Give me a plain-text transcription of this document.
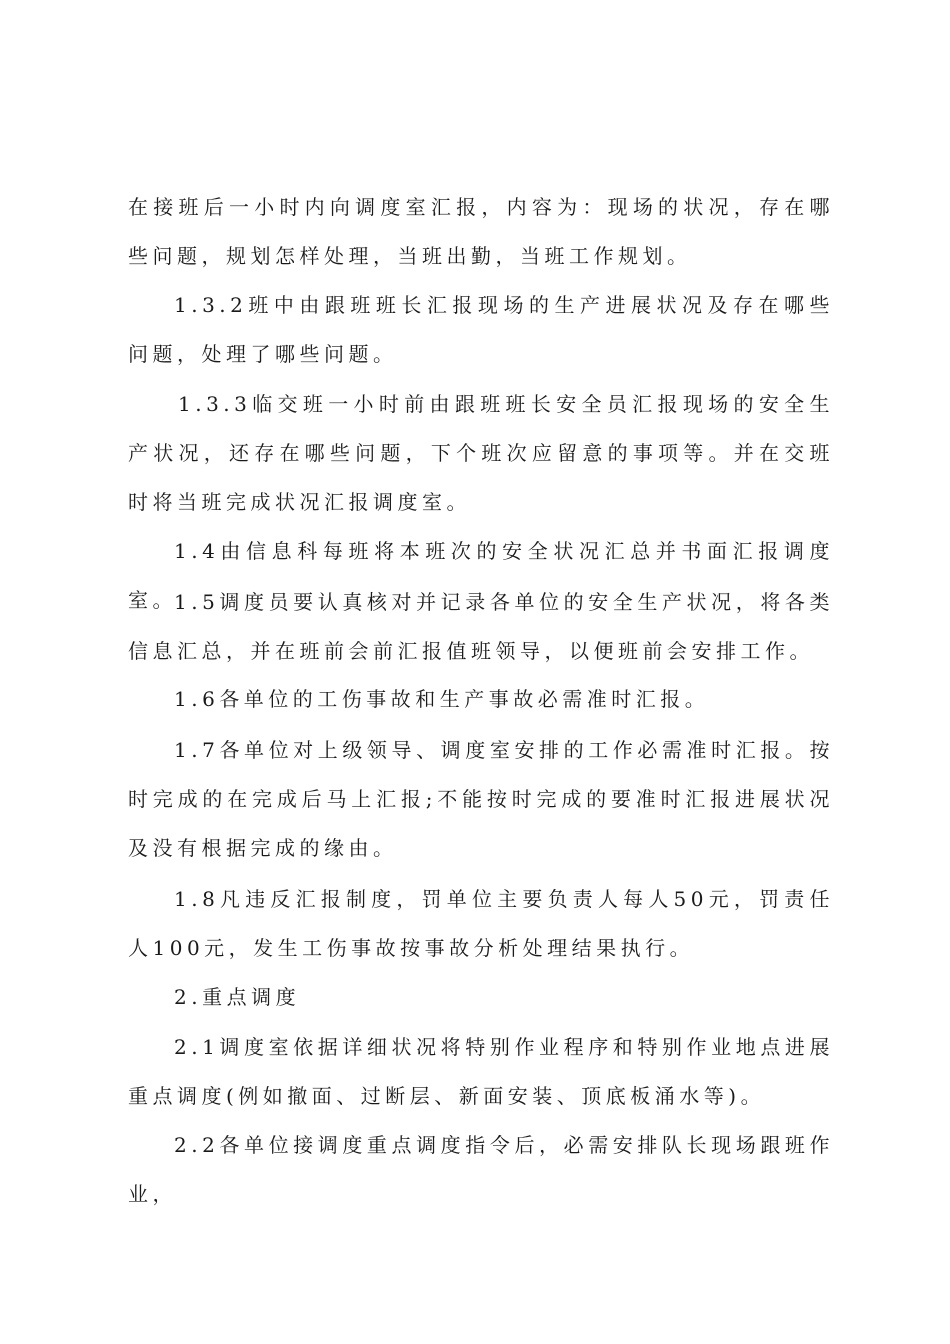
在接班后一小时内向调度室汇报，内容为：现场的状况，存在哪些问题，规划怎样处理，当班出勤，当班工作规划。
1.3.2班中由跟班班长汇报现场的生产进展状况及存在哪些问题，处理了哪些问题。
1.3.3临交班一小时前由跟班班长安全员汇报现场的安全生产状况，还存在哪些问题，下个班次应留意的事项等。并在交班时将当班完成状况汇报调度室。
1.4由信息科每班将本班次的安全状况汇总并书面汇报调度室。
1.5调度员要认真核对并记录各单位的安全生产状况，将各类信息汇总，并在班前会前汇报值班领导，以便班前会安排工作。
1.6各单位的工伤事故和生产事故必需准时汇报。
1.7各单位对上级领导、调度室安排的工作必需准时汇报。按时完成的在完成后马上汇报;不能按时完成的要准时汇报进展状况及没有根据完成的缘由。
1.8凡违反汇报制度，罚单位主要负责人每人50元，罚责任人100元，发生工伤事故按事故分析处理结果执行。
2.重点调度
2.1调度室依据详细状况将特别作业程序和特别作业地点进展重点调度(例如撤面、过断层、新面安装、顶底板涌水等)。
2.2各单位接调度重点调度指令后，必需安排队长现场跟班作业，
